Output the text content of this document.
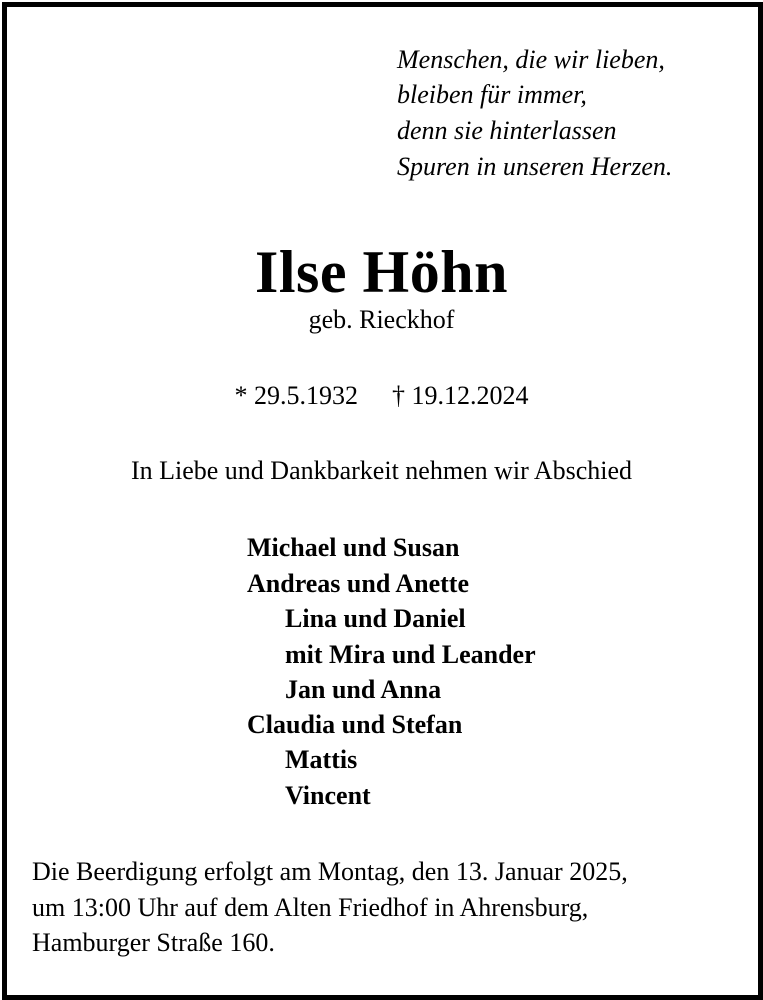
Menschen, die wir lieben,
bleiben für immer,
denn sie hinterlassen
Spuren in unseren Herzen.
Ilse Höhn
geb. Rieckhof
* 29.5.1932 † 19.12.2024
In Liebe und Dankbarkeit nehmen wir Abschied
Michael und Susan
Andreas und Anette
Lina und Daniel
mit Mira und Leander
Jan und Anna
Claudia und Stefan
Mattis
Vincent
Die Beerdigung erfolgt am Montag, den 13. Januar 2025,
um 13:00 Uhr auf dem Alten Friedhof in Ahrensburg,
Hamburger Straße 160.
